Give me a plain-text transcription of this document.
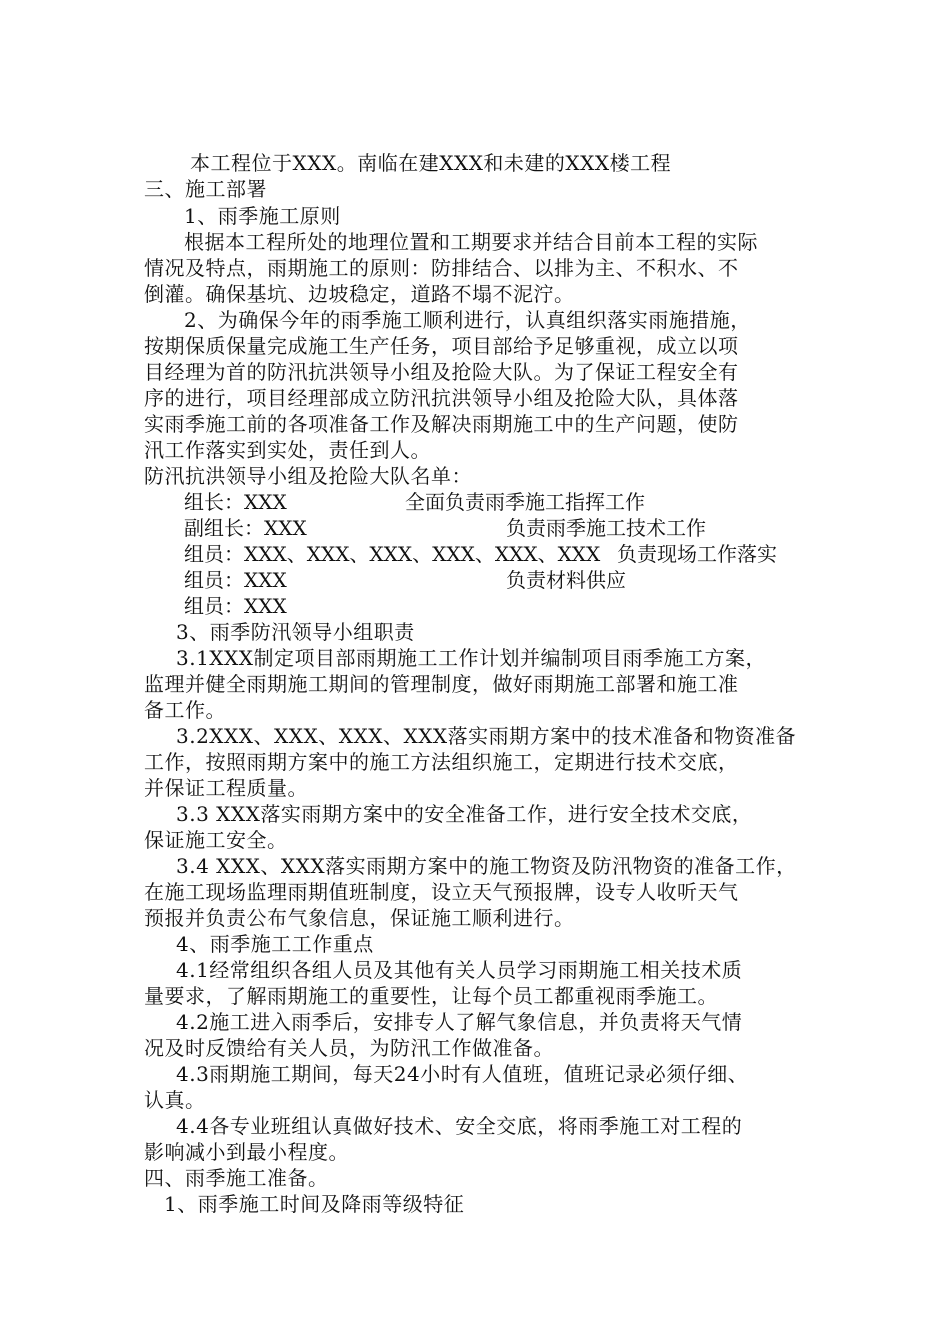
本工程位于XXX。南临在建XXX和未建的XXX楼工程
三、施工部署
1、雨季施工原则
根据本工程所处的地理位置和工期要求并结合目前本工程的实际
情况及特点，雨期施工的原则：防排结合、以排为主、不积水、不
倒灌。确保基坑、边坡稳定，道路不塌不泥泞。
2、为确保今年的雨季施工顺利进行，认真组织落实雨施措施，
按期保质保量完成施工生产任务，项目部给予足够重视，成立以项
目经理为首的防汛抗洪领导小组及抢险大队。为了保证工程安全有
序的进行，项目经理部成立防汛抗洪领导小组及抢险大队，具体落
实雨季施工前的各项准备工作及解决雨期施工中的生产问题，使防
汛工作落实到实处，责任到人。
防汛抗洪领导小组及抢险大队名单：
组长：XXX	全面负责雨季施工指挥工作
副组长：XXX	负责雨季施工技术工作
组员：XXX、XXX、XXX、XXX、XXX、XXX 负责现场工作落实
组员：XXX	负责材料供应
组员：XXX
3、雨季防汛领导小组职责
3.1XXX制定项目部雨期施工工作计划并编制项目雨季施工方案，
监理并健全雨期施工期间的管理制度，做好雨期施工部署和施工准
备工作。
3.2XXX、XXX、XXX、XXX落实雨期方案中的技术准备和物资准备
工作，按照雨期方案中的施工方法组织施工，定期进行技术交底，
并保证工程质量。
3.3 XXX落实雨期方案中的安全准备工作，进行安全技术交底，
保证施工安全。
3.4 XXX、XXX落实雨期方案中的施工物资及防汛物资的准备工作，
在施工现场监理雨期值班制度，设立天气预报牌，设专人收听天气
预报并负责公布气象信息，保证施工顺利进行。
4、雨季施工工作重点
4.1经常组织各组人员及其他有关人员学习雨期施工相关技术质
量要求，了解雨期施工的重要性，让每个员工都重视雨季施工。
4.2施工进入雨季后，安排专人了解气象信息，并负责将天气情
况及时反馈给有关人员，为防汛工作做准备。
4.3雨期施工期间，每天24小时有人值班，值班记录必须仔细、
认真。
4.4各专业班组认真做好技术、安全交底，将雨季施工对工程的
影响减小到最小程度。
四、雨季施工准备。
1、雨季施工时间及降雨等级特征
